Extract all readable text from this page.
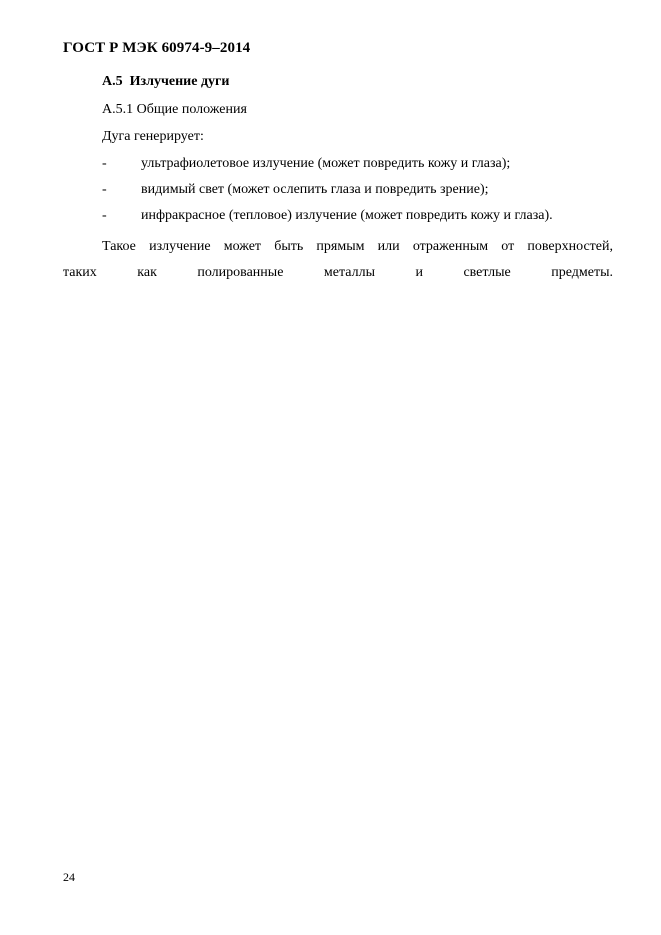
ГОСТ Р МЭК 60974-9–2014
А.5 Излучение дуги
А.5.1 Общие положения
Дуга генерирует:
- ультрафиолетовое излучение (может повредить кожу и глаза);
- видимый свет (может ослепить глаза и повредить зрение);
- инфракрасное (тепловое) излучение (может повредить кожу и глаза).
Такое излучение может быть прямым или отраженным от поверхностей,
таких как полированные металлы и светлые предметы.
24
